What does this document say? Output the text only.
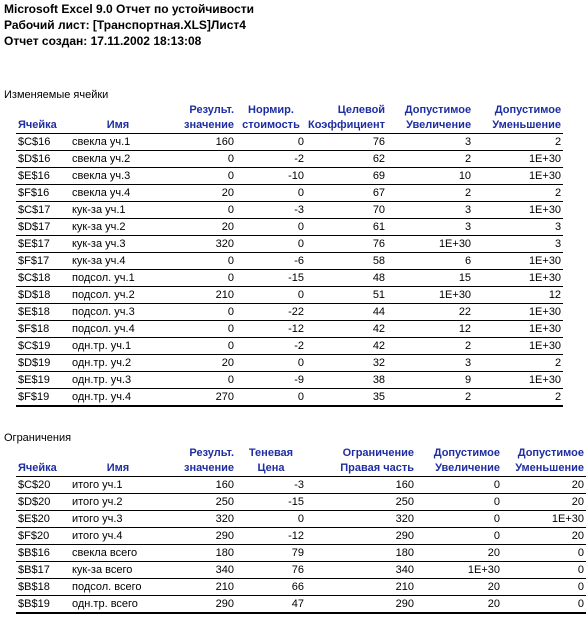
Microsoft Excel 9.0 Отчет по устойчивости
Рабочий лист: [Транспортная.XLS]Лист4
Отчет создан: 17.11.2002 18:13:08
Изменяемые ячейки
		Результ.	Нормир.	Целевой	Допустимое	Допустимое
Ячейка	Имя	значение	стоимость	Коэффициент	Увеличение	Уменьшение
$C$16	свекла уч.1	160	0	76	3	2
$D$16	свекла уч.2	0	-2	62	2	1E+30
$E$16	свекла уч.3	0	-10	69	10	1E+30
$F$16	свекла уч.4	20	0	67	2	2
$C$17	кук-за уч.1	0	-3	70	3	1E+30
$D$17	кук-за уч.2	20	0	61	3	3
$E$17	кук-за уч.3	320	0	76	1E+30	3
$F$17	кук-за уч.4	0	-6	58	6	1E+30
$C$18	подсол. уч.1	0	-15	48	15	1E+30
$D$18	подсол. уч.2	210	0	51	1E+30	12
$E$18	подсол. уч.3	0	-22	44	22	1E+30
$F$18	подсол. уч.4	0	-12	42	12	1E+30
$C$19	одн.тр. уч.1	0	-2	42	2	1E+30
$D$19	одн.тр. уч.2	20	0	32	3	2
$E$19	одн.тр. уч.3	0	-9	38	9	1E+30
$F$19	одн.тр. уч.4	270	0	35	2	2
Ограничения
		Результ.	Теневая	Ограничение	Допустимое	Допустимое
Ячейка	Имя	значение	Цена	Правая часть	Увеличение	Уменьшение
$C$20	итого уч.1	160	-3	160	0	20
$D$20	итого уч.2	250	-15	250	0	20
$E$20	итого уч.3	320	0	320	0	1E+30
$F$20	итого уч.4	290	-12	290	0	20
$B$16	свекла всего	180	79	180	20	0
$B$17	кук-за всего	340	76	340	1E+30	0
$B$18	подсол. всего	210	66	210	20	0
$B$19	одн.тр. всего	290	47	290	20	0
